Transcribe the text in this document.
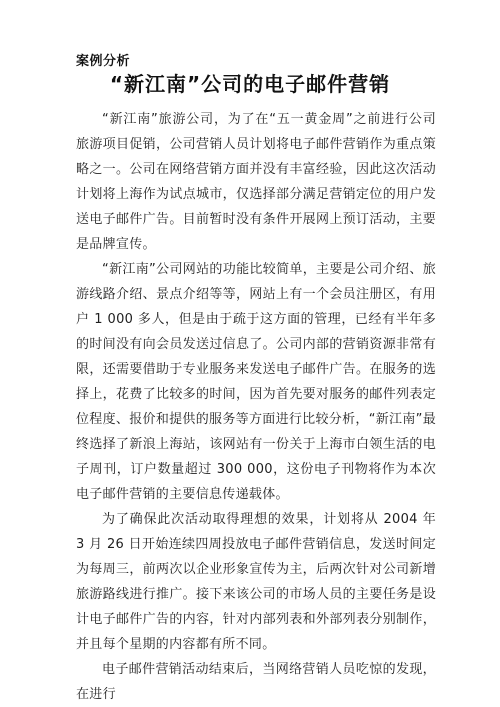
案例分析
“新江南”公司的电子邮件营销

“新江南”旅游公司，为了在“五一黄金周”之前进行公司旅游项目促销，公司营销人员计划将电子邮件营销作为重点策略之一。公司在网络营销方面并没有丰富经验，因此这次活动计划将上海作为试点城市，仅选择部分满足营销定位的用户发送电子邮件广告。目前暂时没有条件开展网上预订活动，主要是品牌宣传。

“新江南”公司网站的功能比较简单，主要是公司介绍、旅游线路介绍、景点介绍等等，网站上有一个会员注册区，有用户 1 000 多人，但是由于疏于这方面的管理，已经有半年多的时间没有向会员发送过信息了。公司内部的营销资源非常有限，还需要借助于专业服务来发送电子邮件广告。在服务的选择上，花费了比较多的时间，因为首先要对服务的邮件列表定位程度、报价和提供的服务等方面进行比较分析，“新江南”最终选择了新浪上海站，该网站有一份关于上海市白领生活的电子周刊，订户数量超过 300 000，这份电子刊物将作为本次电子邮件营销的主要信息传递载体。

为了确保此次活动取得理想的效果，计划将从 2004 年 3 月 26 日开始连续四周投放电子邮件营销信息，发送时间定为每周三，前两次以企业形象宣传为主，后两次针对公司新增旅游路线进行推广。接下来该公司的市场人员的主要任务是设计电子邮件广告的内容，针对内部列表和外部列表分别制作，并且每个星期的内容都有所不同。

电子邮件营销活动结束后，当网络营销人员吃惊的发现，在进行
